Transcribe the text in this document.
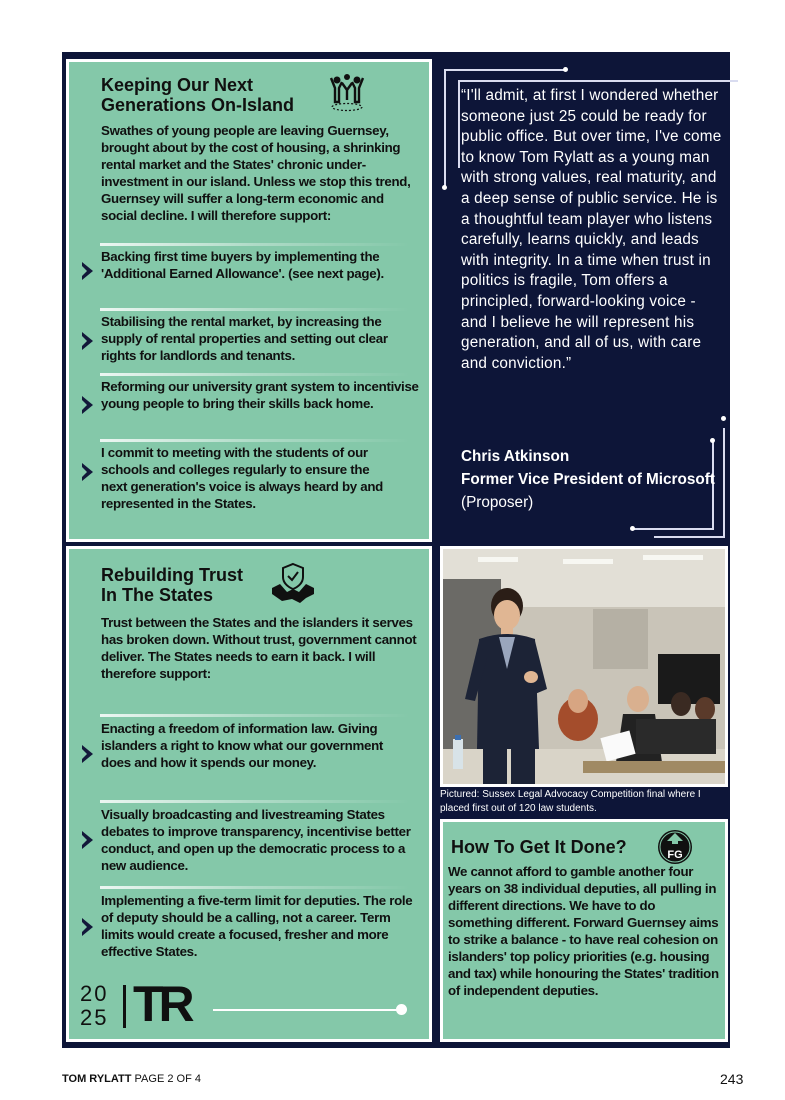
Keeping Our Next
Generations On-Island
Swathes of young people are leaving Guernsey, brought about by the cost of housing, a shrinking rental market and the States' chronic under-investment in our island. Unless we stop this trend, Guernsey will suffer a long-term economic and social decline. I will therefore support:
Backing first time buyers by implementing the 'Additional Earned Allowance'. (see next page).
Stabilising the rental market, by increasing the supply of rental properties and setting out clear rights for landlords and tenants.
Reforming our university grant system to incentivise young people to bring their skills back home.
I commit to meeting with the students of our schools and colleges regularly to ensure the next generation's voice is always heard by and represented in the States.
“I'll admit, at first I wondered whether someone just 25 could be ready for public office. But over time, I've come to know Tom Rylatt as a young man with strong values, real maturity, and a deep sense of public service. He is a thoughtful team player who listens carefully, learns quickly, and leads with integrity. In a time when trust in politics is fragile, Tom offers a principled, forward-looking voice - and I believe he will represent his generation, and all of us, with care and conviction.”
Chris Atkinson
Former Vice President of Microsoft (Proposer)
Rebuilding Trust
In The States
Trust between the States and the islanders it serves has broken down. Without trust, government cannot deliver. The States needs to earn it back. I will therefore support:
Enacting a freedom of information law. Giving islanders a right to know what our government does and how it spends our money.
Visually broadcasting and livestreaming States debates to improve transparency, incentivise better conduct, and open up the democratic process to a new audience.
Implementing a five-term limit for deputies. The role of deputy should be a calling, not a career. Term limits would create a focused, fresher and more effective States.
20
25 TR
Pictured: Sussex Legal Advocacy Competition final where I placed first out of 120 law students.
How To Get It Done?	FG
We cannot afford to gamble another four years on 38 individual deputies, all pulling in different directions. We have to do something different. Forward Guernsey aims to strike a balance - to have real cohesion on islanders' top policy priorities (e.g. housing and tax) while honouring the States' tradition of independent deputies.
TOM RYLATT PAGE 2 OF 4	243
